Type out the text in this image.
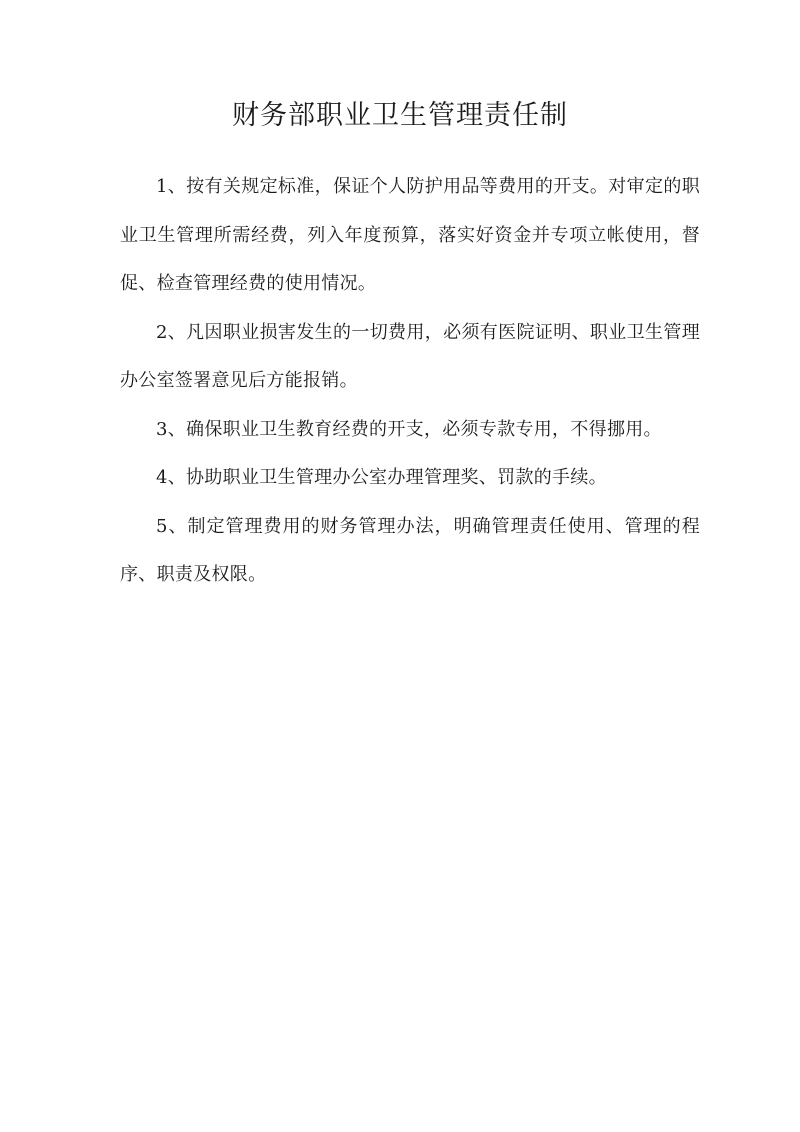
财务部职业卫生管理责任制

1、按有关规定标准，保证个人防护用品等费用的开支。对审定的职业卫生管理所需经费，列入年度预算，落实好资金并专项立帐使用，督促、检查管理经费的使用情况。

2、凡因职业损害发生的一切费用，必须有医院证明、职业卫生管理办公室签署意见后方能报销。

3、确保职业卫生教育经费的开支，必须专款专用，不得挪用。

4、协助职业卫生管理办公室办理管理奖、罚款的手续。

5、制定管理费用的财务管理办法，明确管理责任使用、管理的程序、职责及权限。
